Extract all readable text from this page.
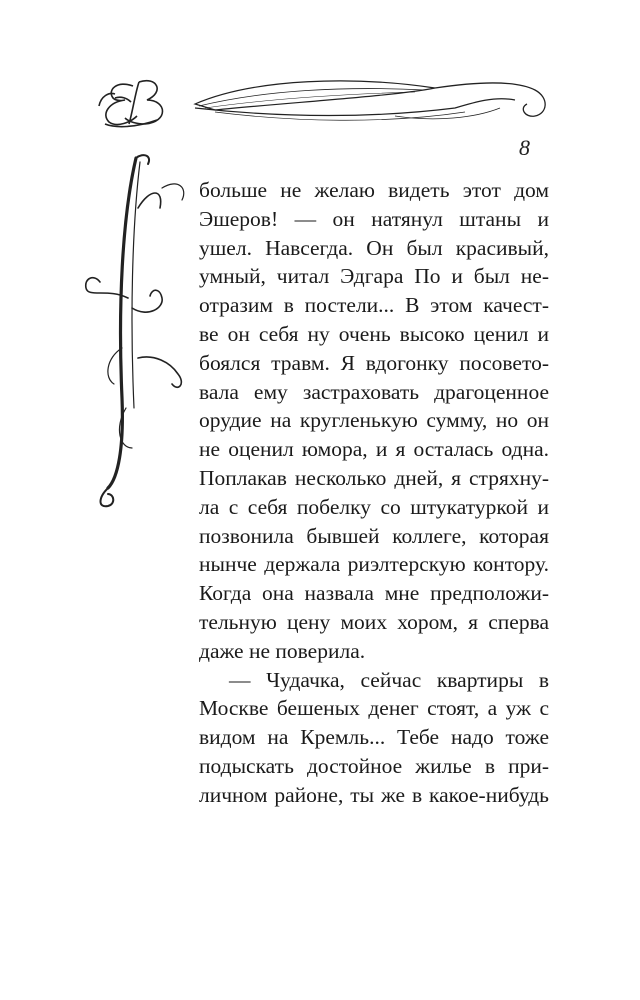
8
больше не желаю видеть этот дом
Эшеров! — он натянул штаны и
ушел. Навсегда. Он был красивый,
умный, читал Эдгара По и был не-
отразим в постели... В этом качест-
ве он себя ну очень высоко ценил и
боялся травм. Я вдогонку посовето-
вала ему застраховать драгоценное
орудие на кругленькую сумму, но он
не оценил юмора, и я осталась одна.
Поплакав несколько дней, я стряхну-
ла с себя побелку со штукатуркой и
позвонила бывшей коллеге, которая
нынче держала риэлтерскую контору.
Когда она назвала мне предположи-
тельную цену моих хором, я сперва
даже не поверила.
— Чудачка, сейчас квартиры в
Москве бешеных денег стоят, а уж с
видом на Кремль... Тебе надо тоже
подыскать достойное жилье в при-
личном районе, ты же в какое-нибудь
